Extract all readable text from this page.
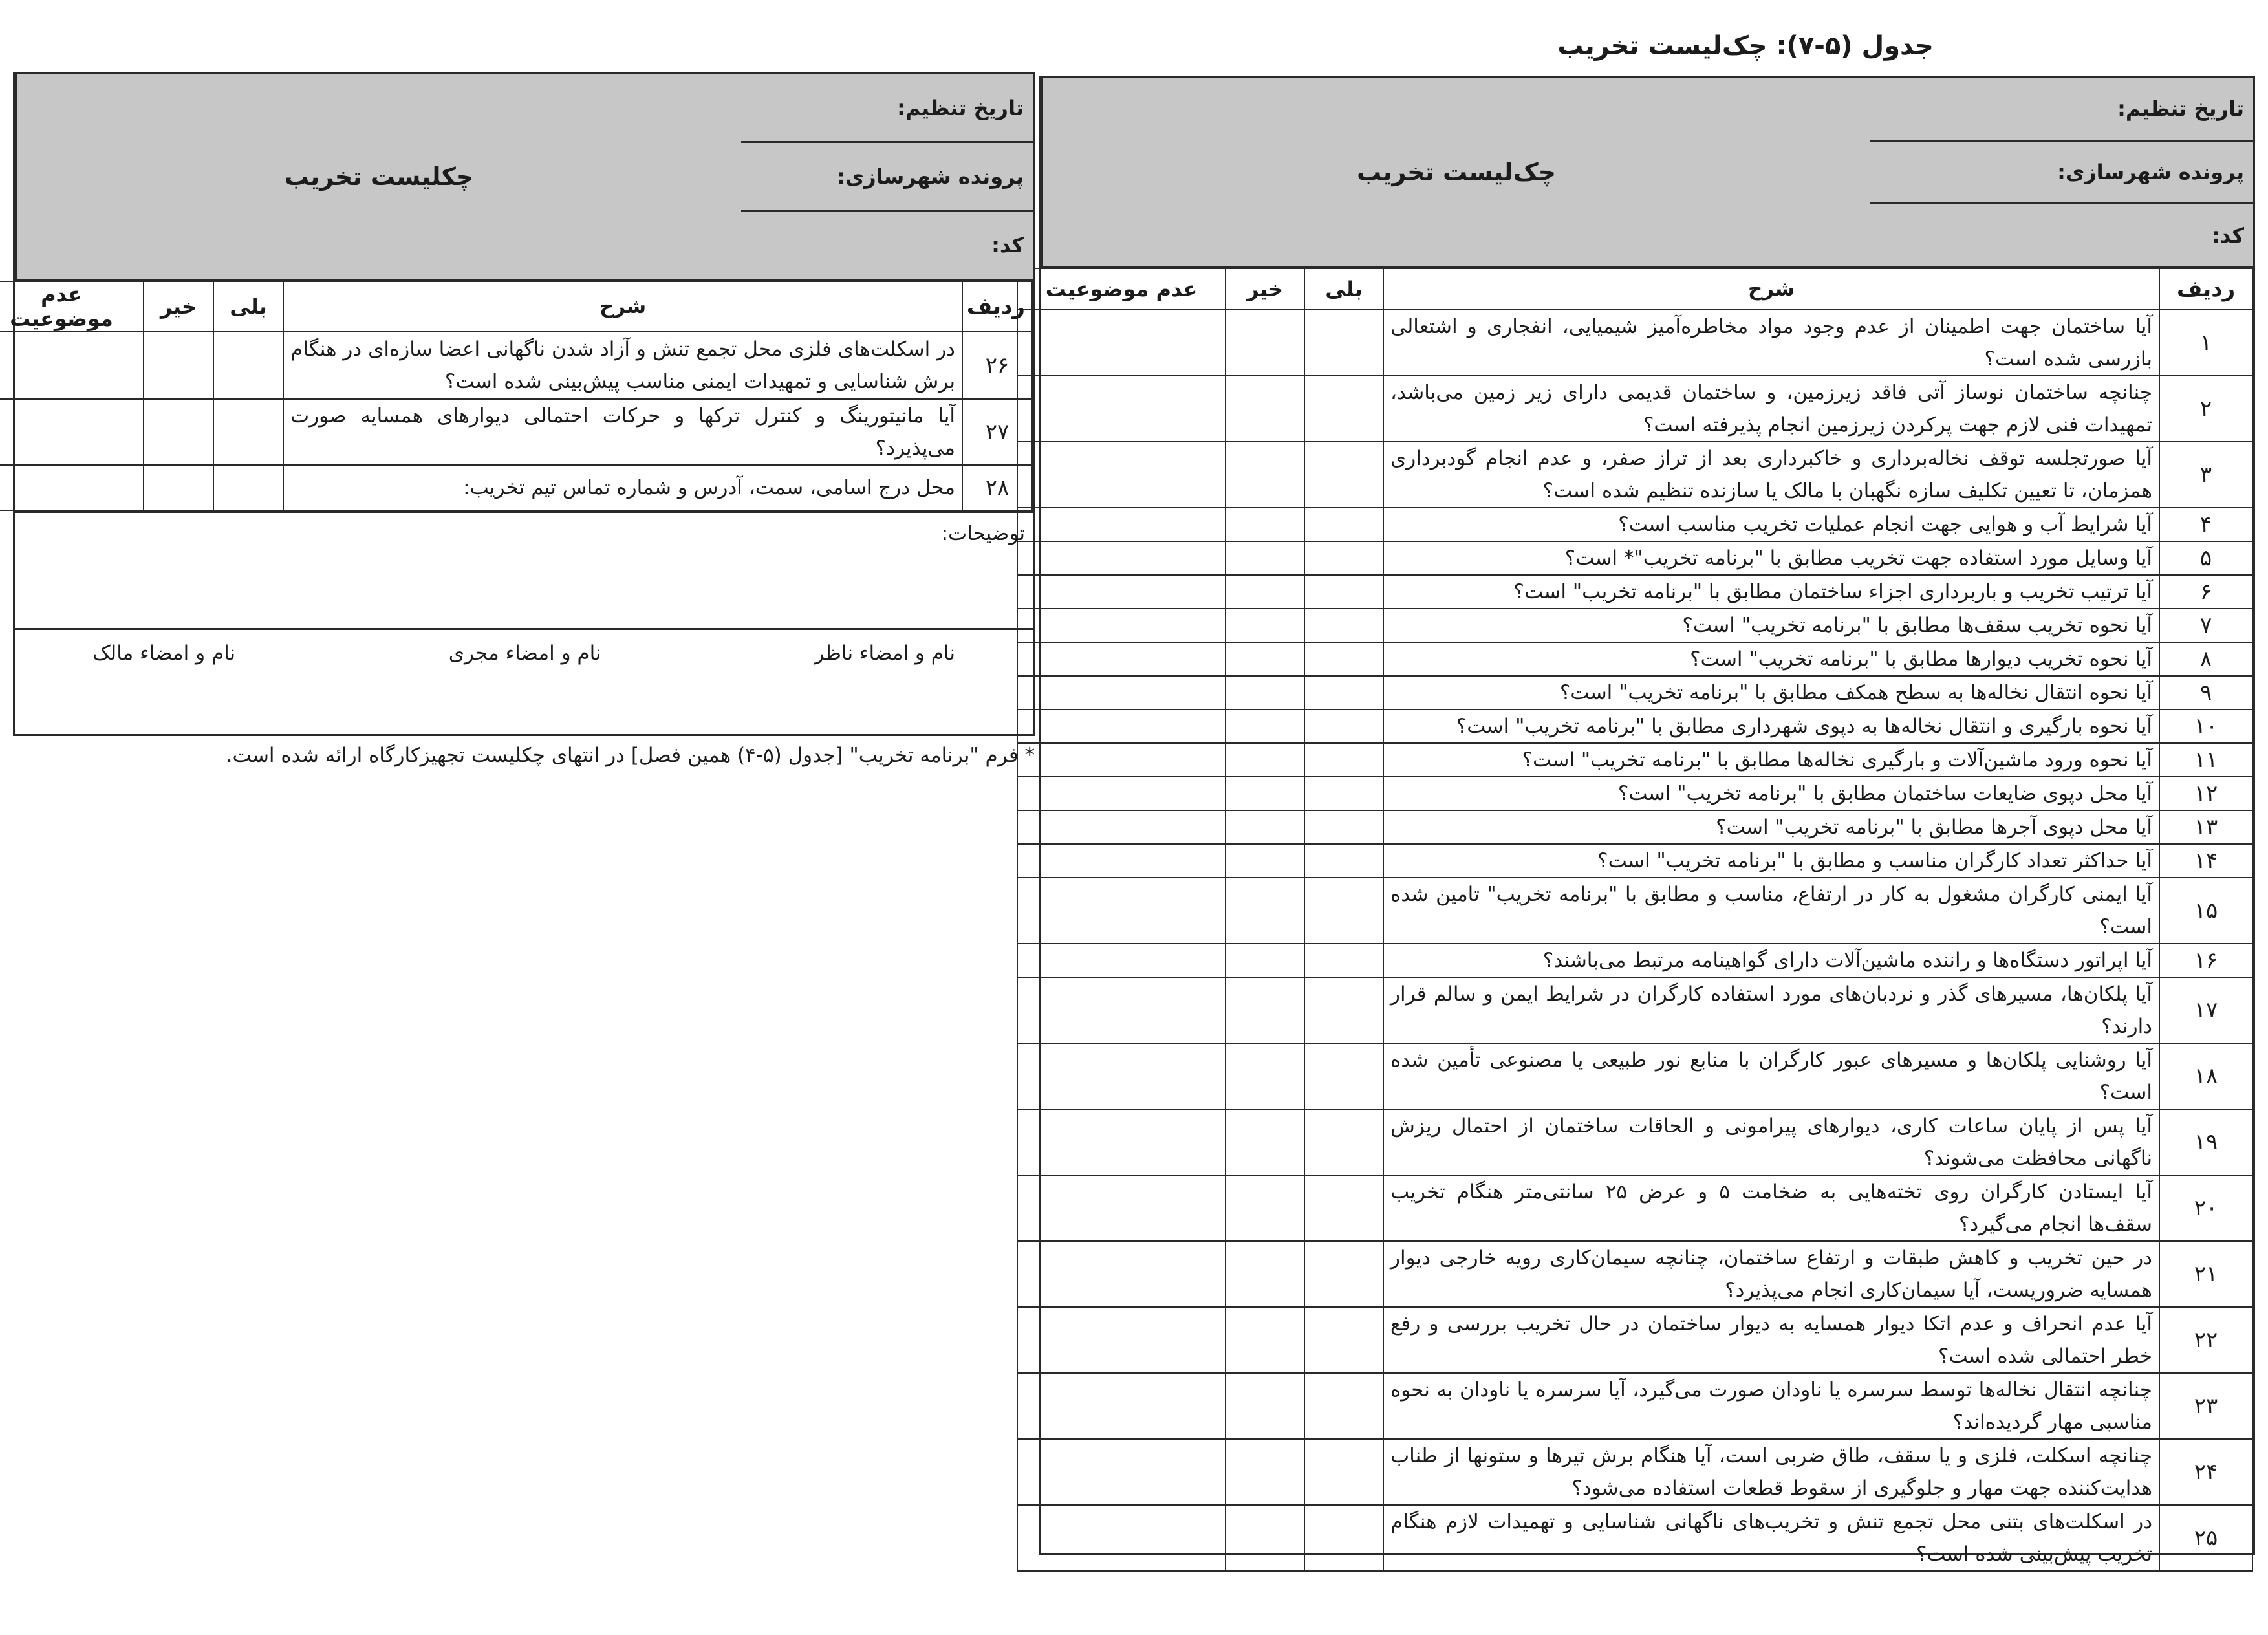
جدول (۵-۷): چک‌لیست تخریب
تاریخ تنظیم:
پرونده شهرسازی:
کد:
چک‌لیست تخریب
ردیف	شرح	بلی	خیر	عدم موضوعیت
۱	آیا ساختمان جهت اطمینان از عدم وجود مواد مخاطره‌آمیز شیمیایی، انفجاری و اشتعالی بازرسی شده است؟			
۲	چنانچه ساختمان نوساز آتی فاقد زیرزمین، و ساختمان قدیمی دارای زیر زمین می‌باشد، تمهیدات فنی لازم جهت پرکردن زیرزمین انجام پذیرفته است؟			
۳	آیا صورتجلسه توقف نخاله‌برداری و خاکبرداری بعد از تراز صفر، و عدم انجام گودبرداری همزمان، تا تعیین تکلیف سازه نگهبان با مالک یا سازنده تنظیم شده است؟			
۴	آیا شرایط آب و هوایی جهت انجام عملیات تخریب مناسب است؟			
۵	آیا وسایل مورد استفاده جهت تخریب مطابق با "برنامه تخریب"* است؟			
۶	آیا ترتیب تخریب و باربرداری اجزاء ساختمان مطابق با "برنامه تخریب" است؟			
۷	آیا نحوه تخریب سقف‌ها مطابق با "برنامه تخریب" است؟			
۸	آیا نحوه تخریب دیوارها مطابق با "برنامه تخریب" است؟			
۹	آیا نحوه انتقال نخاله‌ها به سطح همکف مطابق با "برنامه تخریب" است؟			
۱۰	آیا نحوه بارگیری و انتقال نخاله‌ها به دپوی شهرداری مطابق با "برنامه تخریب" است؟			
۱۱	آیا نحوه ورود ماشین‌آلات و بارگیری نخاله‌ها مطابق با "برنامه تخریب" است؟			
۱۲	آیا محل دپوی ضایعات ساختمان مطابق با "برنامه تخریب" است؟			
۱۳	آیا محل دپوی آجرها مطابق با "برنامه تخریب" است؟			
۱۴	آیا حداکثر تعداد کارگران مناسب و مطابق با "برنامه تخریب" است؟			
۱۵	آیا ایمنی کارگران مشغول به کار در ارتفاع، مناسب و مطابق با "برنامه تخریب" تامین شده است؟			
۱۶	آیا اپراتور دستگاه‌ها و راننده ماشین‌آلات دارای گواهینامه مرتبط می‌باشند؟			
۱۷	آیا پلکان‌ها، مسیرهای گذر و نردبان‌های مورد استفاده کارگران در شرایط ایمن و سالم قرار دارند؟			
۱۸	آیا روشنایی پلکان‌ها و مسیرهای عبور کارگران با منابع نور طبیعی یا مصنوعی تأمین شده است؟			
۱۹	آیا پس از پایان ساعات کاری، دیوارهای پیرامونی و الحاقات ساختمان از احتمال ریزش ناگهانی محافظت می‌شوند؟			
۲۰	آیا ایستادن کارگران روی تخته‌هایی به ضخامت ۵ و عرض ۲۵ سانتی‌متر هنگام تخریب سقف‌ها انجام می‌گیرد؟			
۲۱	در حین تخریب و کاهش طبقات و ارتفاع ساختمان، چنانچه سیمان‌کاری رویه خارجی دیوار همسایه ضروریست، آیا سیمان‌کاری انجام می‌پذیرد؟			
۲۲	آیا عدم انحراف و عدم اتکا دیوار همسایه به دیوار ساختمان در حال تخریب بررسی و رفع خطر احتمالی شده است؟			
۲۳	چنانچه انتقال نخاله‌ها توسط سرسره یا ناودان صورت می‌گیرد، آیا سرسره یا ناودان به نحوه مناسبی مهار گردیده‌اند؟			
۲۴	چنانچه اسکلت، فلزی و یا سقف، طاق ضربی است، آیا هنگام برش تیرها و ستونها از طناب هدایت‌کننده جهت مهار و جلوگیری از سقوط قطعات استفاده می‌شود؟			
۲۵	در اسکلت‌های بتنی محل تجمع تنش و تخریب‌های ناگهانی شناسایی و تهمیدات لازم هنگام تخریب پیش‌بینی شده است؟			
تاریخ تنظیم:
پرونده شهرسازی:
کد:
چکلیست تخریب
ردیف	شرح	بلی	خیر	عدم موضوعیت
۲۶	در اسکلت‌های فلزی محل تجمع تنش و آزاد شدن ناگهانی اعضا سازه‌ای در هنگام برش شناسایی و تمهیدات ایمنی مناسب پیش‌بینی شده است؟			
۲۷	آیا مانیتورینگ و کنترل ترکها و حرکات احتمالی دیوارهای همسایه صورت می‌پذیرد؟			
۲۸	محل درج اسامی، سمت، آدرس و شماره تماس تیم تخریب:			
توضیحات:
نام و امضاء ناظر
نام و امضاء مجری
نام و امضاء مالک
* فرم "برنامه تخریب" [جدول (۵-۴) همین فصل] در انتهای چکلیست تجهیزکارگاه ارائه شده است.
